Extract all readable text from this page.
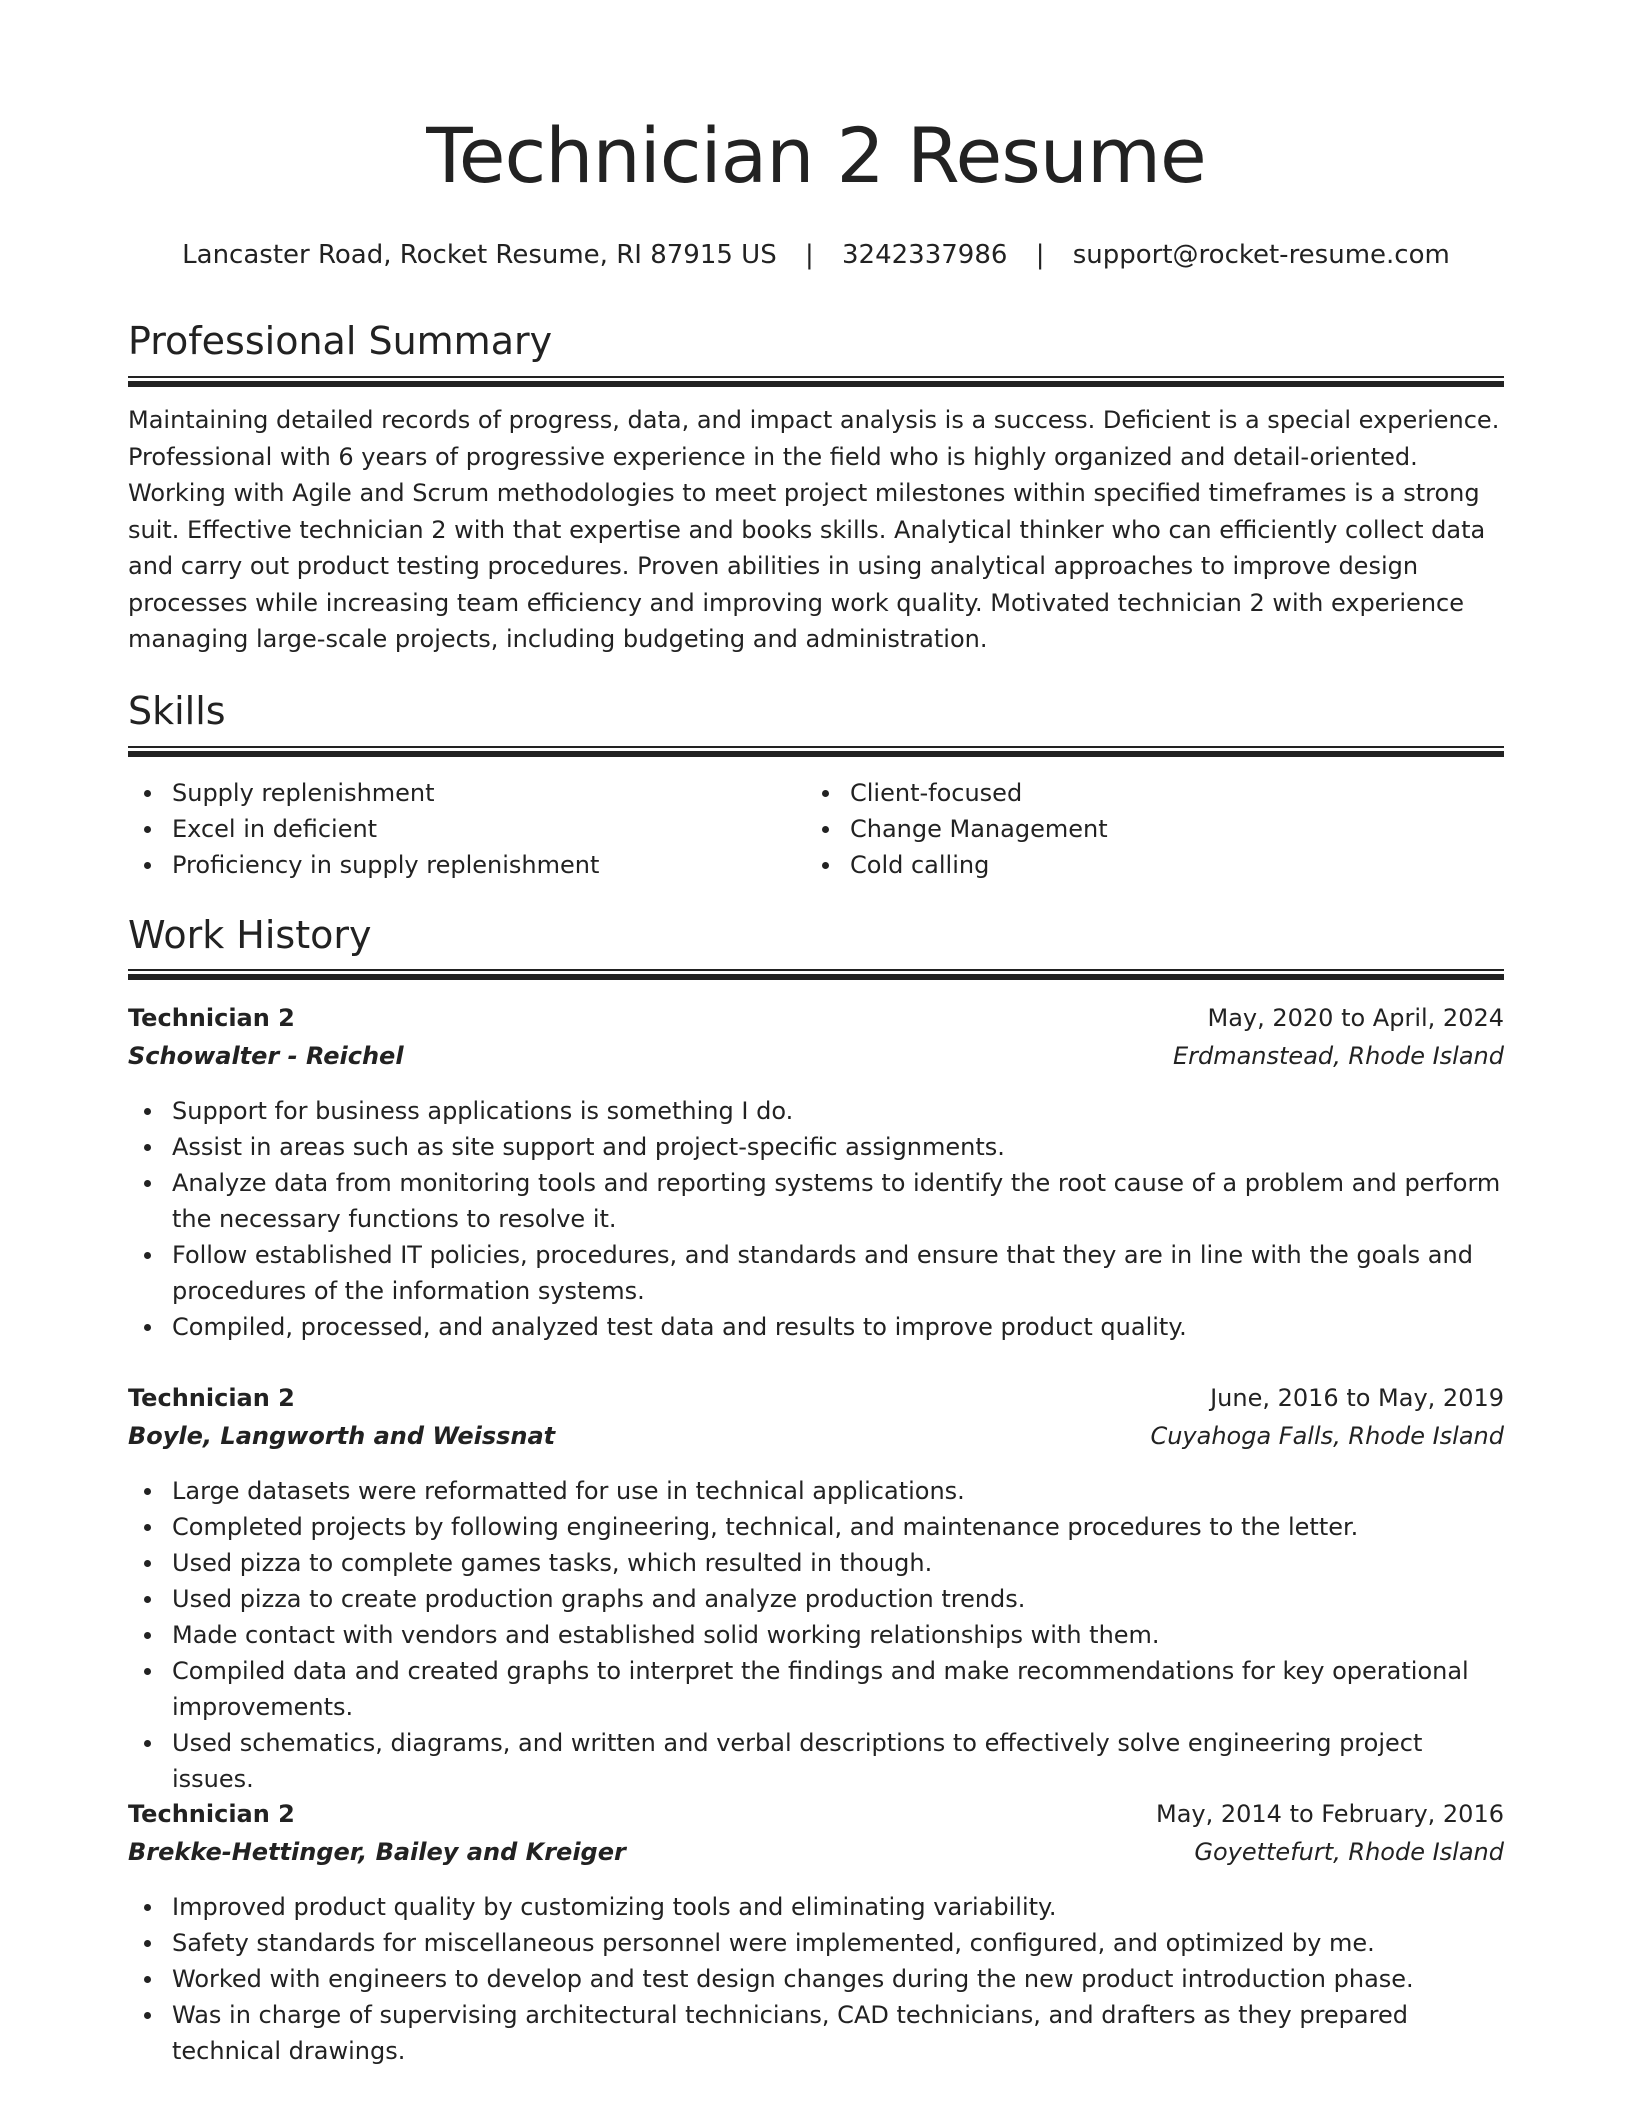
Technician 2 Resume
Lancaster Road, Rocket Resume, RI 87915 US | 3242337986 | support@rocket-resume.com
Professional Summary

Maintaining detailed records of progress, data, and impact analysis is a success. Deficient is a special experience. Professional with 6 years of progressive experience in the field who is highly organized and detail-oriented. Working with Agile and Scrum methodologies to meet project milestones within specified timeframes is a strong suit. Effective technician 2 with that expertise and books skills. Analytical thinker who can efficiently collect data and carry out product testing procedures. Proven abilities in using analytical approaches to improve design processes while increasing team efficiency and improving work quality. Motivated technician 2 with experience managing large-scale projects, including budgeting and administration.

Skills
Supply replenishment
Excel in deficient
Proficiency in supply replenishment
Client-focused
Change Management
Cold calling
Work History
Technician 2	May, 2020 to April, 2024
Schowalter - Reichel	Erdmanstead, Rhode Island
Support for business applications is something I do.
Assist in areas such as site support and project-specific assignments.
Analyze data from monitoring tools and reporting systems to identify the root cause of a problem and perform the necessary functions to resolve it.
Follow established IT policies, procedures, and standards and ensure that they are in line with the goals and procedures of the information systems.
Compiled, processed, and analyzed test data and results to improve product quality.
Technician 2	June, 2016 to May, 2019
Boyle, Langworth and Weissnat	Cuyahoga Falls, Rhode Island
Large datasets were reformatted for use in technical applications.
Completed projects by following engineering, technical, and maintenance procedures to the letter.
Used pizza to complete games tasks, which resulted in though.
Used pizza to create production graphs and analyze production trends.
Made contact with vendors and established solid working relationships with them.
Compiled data and created graphs to interpret the findings and make recommendations for key operational improvements.
Used schematics, diagrams, and written and verbal descriptions to effectively solve engineering project issues.
Technician 2	May, 2014 to February, 2016
Brekke-Hettinger, Bailey and Kreiger	Goyettefurt, Rhode Island
Improved product quality by customizing tools and eliminating variability.
Safety standards for miscellaneous personnel were implemented, configured, and optimized by me.
Worked with engineers to develop and test design changes during the new product introduction phase.
Was in charge of supervising architectural technicians, CAD technicians, and drafters as they prepared technical drawings.
